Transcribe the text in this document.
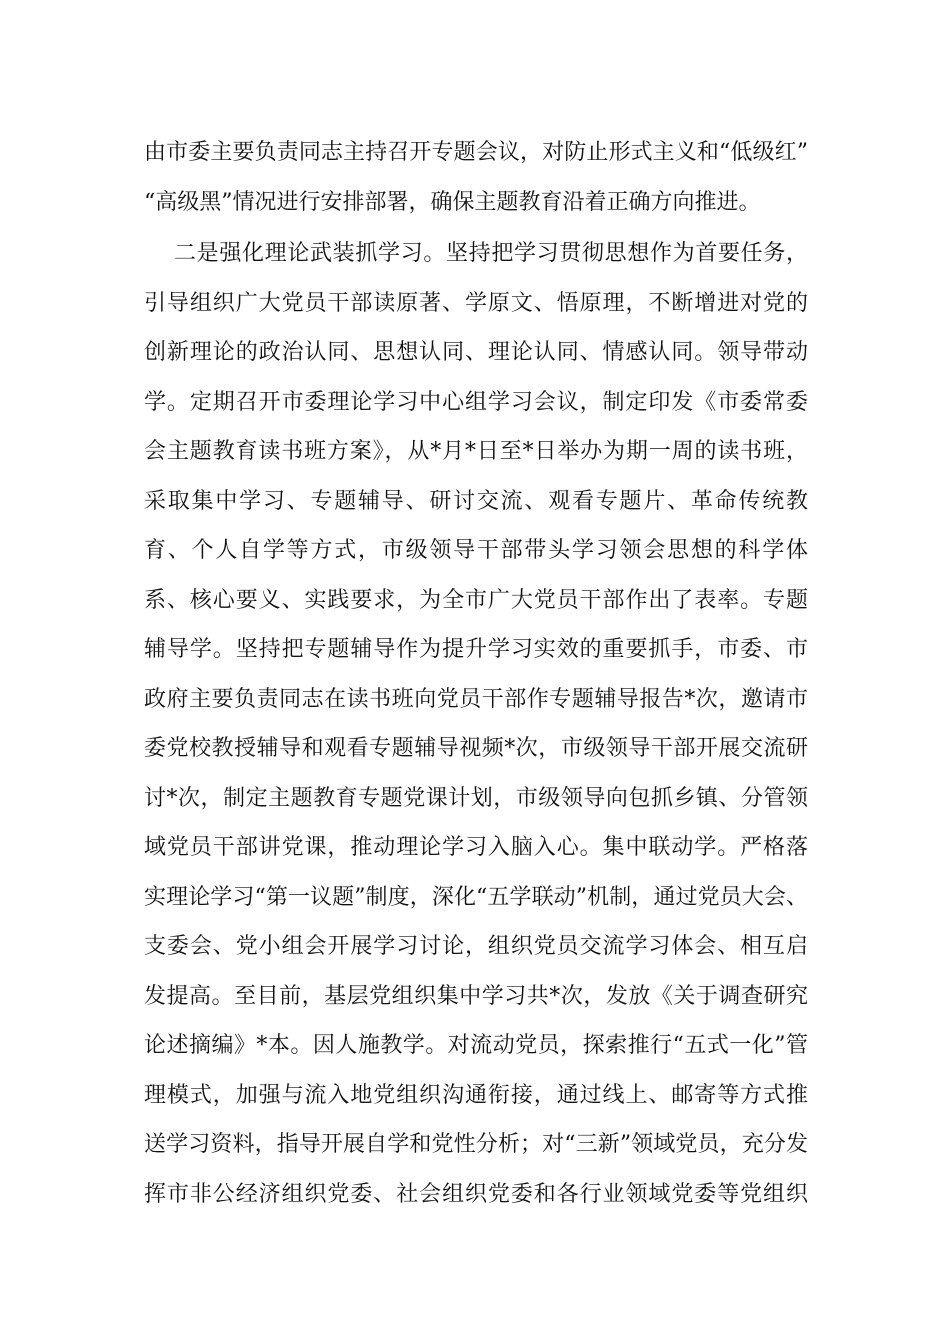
由市委主要负责同志主持召开专题会议，对防止形式主义和“低级红”
“高级黑”情况进行安排部署，确保主题教育沿着正确方向推进。
二是强化理论武装抓学习。坚持把学习贯彻思想作为首要任务，
引导组织广大党员干部读原著、学原文、悟原理，不断增进对党的
创新理论的政治认同、思想认同、理论认同、情感认同。领导带动
学。定期召开市委理论学习中心组学习会议，制定印发《市委常委
会主题教育读书班方案》，从*月*日至*日举办为期一周的读书班，
采取集中学习、专题辅导、研讨交流、观看专题片、革命传统教
育、个人自学等方式，市级领导干部带头学习领会思想的科学体
系、核心要义、实践要求，为全市广大党员干部作出了表率。专题
辅导学。坚持把专题辅导作为提升学习实效的重要抓手，市委、市
政府主要负责同志在读书班向党员干部作专题辅导报告*次，邀请市
委党校教授辅导和观看专题辅导视频*次，市级领导干部开展交流研
讨*次，制定主题教育专题党课计划，市级领导向包抓乡镇、分管领
域党员干部讲党课，推动理论学习入脑入心。集中联动学。严格落
实理论学习“第一议题”制度，深化“五学联动”机制，通过党员大会、
支委会、党小组会开展学习讨论，组织党员交流学习体会、相互启
发提高。至目前，基层党组织集中学习共*次，发放《关于调查研究
论述摘编》*本。因人施教学。对流动党员，探索推行“五式一化”管
理模式，加强与流入地党组织沟通衔接，通过线上、邮寄等方式推
送学习资料，指导开展自学和党性分析；对“三新”领域党员，充分发
挥市非公经济组织党委、社会组织党委和各行业领域党委等党组织
